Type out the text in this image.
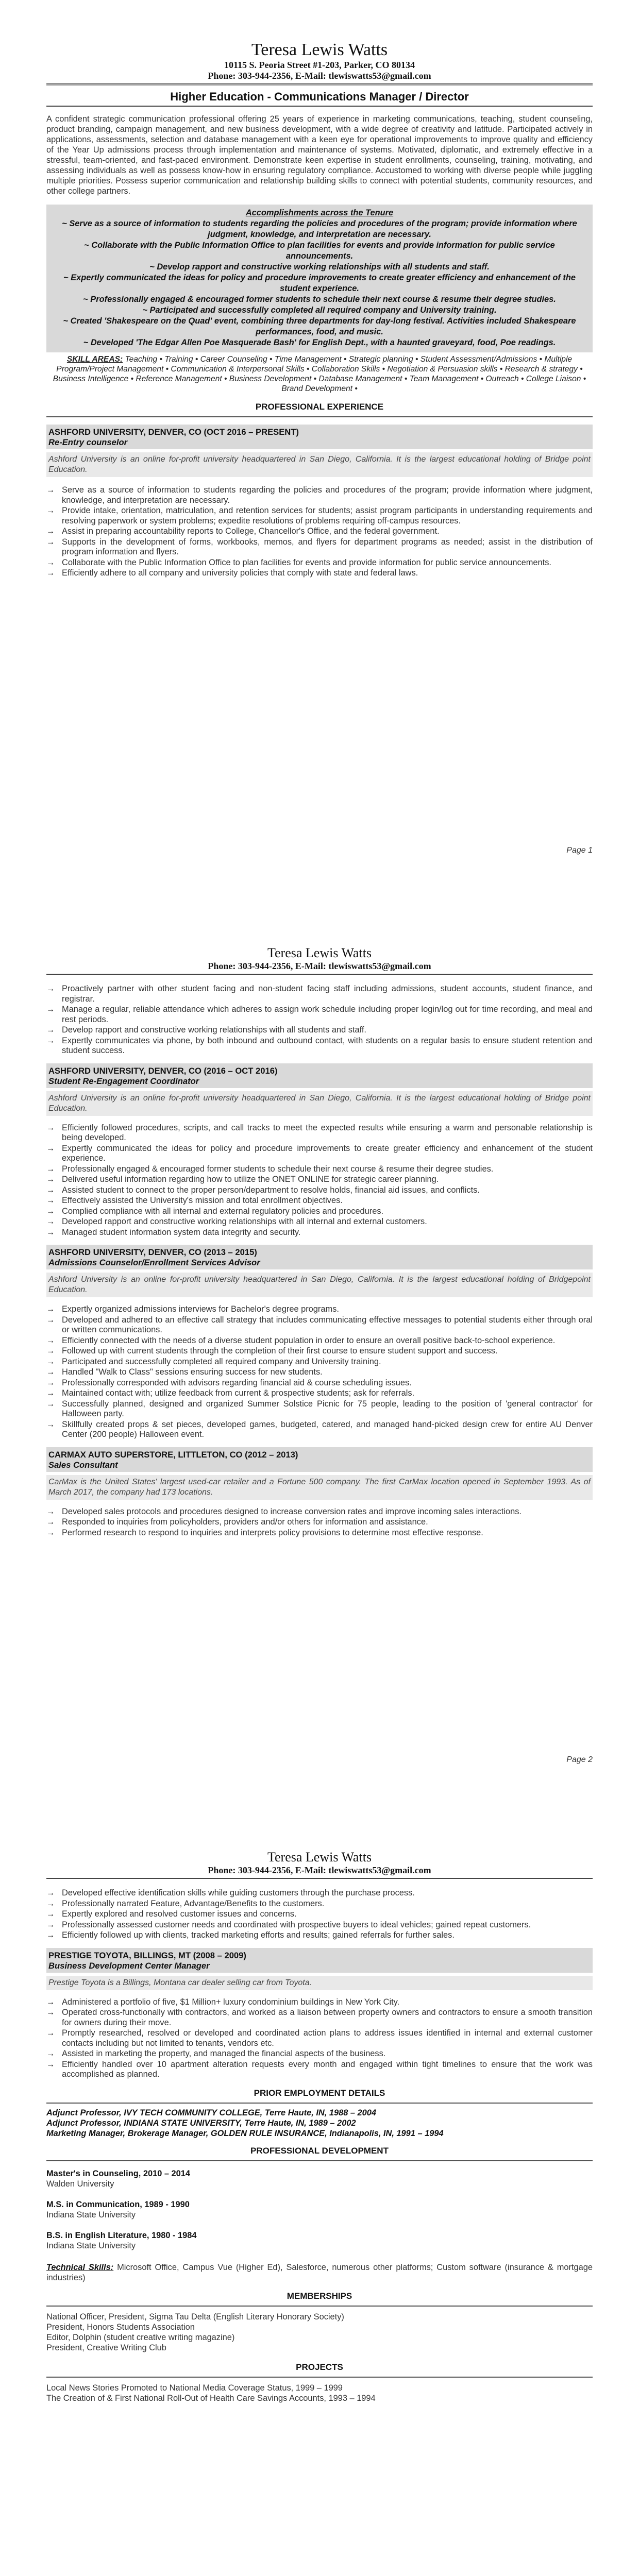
Teresa Lewis Watts
10115 S. Peoria Street #1-203, Parker, CO 80134
Phone: 303-944-2356, E-Mail: tlewiswatts53@gmail.com
Higher Education - Communications Manager / Director
A confident strategic communication professional offering 25 years of experience in marketing communications, teaching, student counseling, product branding, campaign management, and new business development, with a wide degree of creativity and latitude. Participated actively in applications, assessments, selection and database management with a keen eye for operational improvements to improve quality and efficiency of the Year Up admissions process through implementation and maintenance of systems. Motivated, diplomatic, and extremely effective in a stressful, team-oriented, and fast-paced environment. Demonstrate keen expertise in student enrollments, counseling, training, motivating, and assessing individuals as well as possess know-how in ensuring regulatory compliance. Accustomed to working with diverse people while juggling multiple priorities. Possess superior communication and relationship building skills to connect with potential students, community resources, and other college partners.
Accomplishments across the Tenure
~ Serve as a source of information to students regarding the policies and procedures of the program; provide information where judgment, knowledge, and interpretation are necessary.
~ Collaborate with the Public Information Office to plan facilities for events and provide information for public service announcements.
~ Develop rapport and constructive working relationships with all students and staff.
~ Expertly communicated the ideas for policy and procedure improvements to create greater efficiency and enhancement of the student experience.
~ Professionally engaged & encouraged former students to schedule their next course & resume their degree studies.
~ Participated and successfully completed all required company and University training.
~ Created 'Shakespeare on the Quad' event, combining three departments for day-long festival. Activities included Shakespeare performances, food, and music.
~ Developed 'The Edgar Allen Poe Masquerade Bash' for English Dept., with a haunted graveyard, food, Poe readings.
SKILL AREAS: Teaching • Training • Career Counseling • Time Management • Strategic planning • Student Assessment/Admissions • Multiple Program/Project Management • Communication & Interpersonal Skills • Collaboration Skills • Negotiation & Persuasion skills • Research & strategy • Business Intelligence • Reference Management • Business Development • Database Management • Team Management • Outreach • College Liaison • Brand Development •
PROFESSIONAL EXPERIENCE
ASHFORD UNIVERSITY, DENVER, CO (OCT 2016 – PRESENT)
Re-Entry counselor
Ashford University is an online for-profit university headquartered in San Diego, California. It is the largest educational holding of Bridge point Education.
→ Serve as a source of information to students regarding the policies and procedures of the program; provide information where judgment, knowledge, and interpretation are necessary.
→ Provide intake, orientation, matriculation, and retention services for students; assist program participants in understanding requirements and resolving paperwork or system problems; expedite resolutions of problems requiring off-campus resources.
→ Assist in preparing accountability reports to College, Chancellor's Office, and the federal government.
→ Supports in the development of forms, workbooks, memos, and flyers for department programs as needed; assist in the distribution of program information and flyers.
→ Collaborate with the Public Information Office to plan facilities for events and provide information for public service announcements.
→ Efficiently adhere to all company and university policies that comply with state and federal laws.
Page 1
Teresa Lewis Watts
Phone: 303-944-2356, E-Mail: tlewiswatts53@gmail.com
→ Proactively partner with other student facing and non-student facing staff including admissions, student accounts, student finance, and registrar.
→ Manage a regular, reliable attendance which adheres to assign work schedule including proper login/log out for time recording, and meal and rest periods.
→ Develop rapport and constructive working relationships with all students and staff.
→ Expertly communicates via phone, by both inbound and outbound contact, with students on a regular basis to ensure student retention and student success.
ASHFORD UNIVERSITY, DENVER, CO (2016 – OCT 2016)
Student Re-Engagement Coordinator
Ashford University is an online for-profit university headquartered in San Diego, California. It is the largest educational holding of Bridge point Education.
→ Efficiently followed procedures, scripts, and call tracks to meet the expected results while ensuring a warm and personable relationship is being developed.
→ Expertly communicated the ideas for policy and procedure improvements to create greater efficiency and enhancement of the student experience.
→ Professionally engaged & encouraged former students to schedule their next course & resume their degree studies.
→ Delivered useful information regarding how to utilize the ONET ONLINE for strategic career planning.
→ Assisted student to connect to the proper person/department to resolve holds, financial aid issues, and conflicts.
→ Effectively assisted the University's mission and total enrollment objectives.
→ Complied compliance with all internal and external regulatory policies and procedures.
→ Developed rapport and constructive working relationships with all internal and external customers.
→ Managed student information system data integrity and security.
ASHFORD UNIVERSITY, DENVER, CO (2013 – 2015)
Admissions Counselor/Enrollment Services Advisor
Ashford University is an online for-profit university headquartered in San Diego, California. It is the largest educational holding of Bridgepoint Education.
→ Expertly organized admissions interviews for Bachelor's degree programs.
→ Developed and adhered to an effective call strategy that includes communicating effective messages to potential students either through oral or written communications.
→ Efficiently connected with the needs of a diverse student population in order to ensure an overall positive back-to-school experience.
→ Followed up with current students through the completion of their first course to ensure student support and success.
→ Participated and successfully completed all required company and University training.
→ Handled "Walk to Class" sessions ensuring success for new students.
→ Professionally corresponded with advisors regarding financial aid & course scheduling issues.
→ Maintained contact with; utilize feedback from current & prospective students; ask for referrals.
→ Successfully planned, designed and organized Summer Solstice Picnic for 75 people, leading to the position of 'general contractor' for Halloween party.
→ Skillfully created props & set pieces, developed games, budgeted, catered, and managed hand-picked design crew for entire AU Denver Center (200 people) Halloween event.
CARMAX AUTO SUPERSTORE, LITTLETON, CO (2012 – 2013)
Sales Consultant
CarMax is the United States' largest used-car retailer and a Fortune 500 company. The first CarMax location opened in September 1993. As of March 2017, the company had 173 locations.
→ Developed sales protocols and procedures designed to increase conversion rates and improve incoming sales interactions.
→ Responded to inquiries from policyholders, providers and/or others for information and assistance.
→ Performed research to respond to inquiries and interprets policy provisions to determine most effective response.
Page 2
Teresa Lewis Watts
Phone: 303-944-2356, E-Mail: tlewiswatts53@gmail.com
→ Developed effective identification skills while guiding customers through the purchase process.
→ Professionally narrated Feature, Advantage/Benefits to the customers.
→ Expertly explored and resolved customer issues and concerns.
→ Professionally assessed customer needs and coordinated with prospective buyers to ideal vehicles; gained repeat customers.
→ Efficiently followed up with clients, tracked marketing efforts and results; gained referrals for further sales.
PRESTIGE TOYOTA, BILLINGS, MT (2008 – 2009)
Business Development Center Manager
Prestige Toyota is a Billings, Montana car dealer selling car from Toyota.
→ Administered a portfolio of five, $1 Million+ luxury condominium buildings in New York City.
→ Operated cross-functionally with contractors, and worked as a liaison between property owners and contractors to ensure a smooth transition for owners during their move.
→ Promptly researched, resolved or developed and coordinated action plans to address issues identified in internal and external customer contacts including but not limited to tenants, vendors etc.
→ Assisted in marketing the property, and managed the financial aspects of the business.
→ Efficiently handled over 10 apartment alteration requests every month and engaged within tight timelines to ensure that the work was accomplished as planned.
PRIOR EMPLOYMENT DETAILS
Adjunct Professor, IVY TECH COMMUNITY COLLEGE, Terre Haute, IN, 1988 – 2004
Adjunct Professor, INDIANA STATE UNIVERSITY, Terre Haute, IN, 1989 – 2002
Marketing Manager, Brokerage Manager, GOLDEN RULE INSURANCE, Indianapolis, IN, 1991 – 1994
PROFESSIONAL DEVELOPMENT
Master's in Counseling, 2010 – 2014
Walden University
M.S. in Communication, 1989 - 1990
Indiana State University
B.S. in English Literature, 1980 - 1984
Indiana State University
Technical Skills: Microsoft Office, Campus Vue (Higher Ed), Salesforce, numerous other platforms; Custom software (insurance & mortgage industries)
MEMBERSHIPS
National Officer, President, Sigma Tau Delta (English Literary Honorary Society)
President, Honors Students Association
Editor, Dolphin (student creative writing magazine)
President, Creative Writing Club
PROJECTS
Local News Stories Promoted to National Media Coverage Status, 1999 – 1999
The Creation of & First National Roll-Out of Health Care Savings Accounts, 1993 – 1994
